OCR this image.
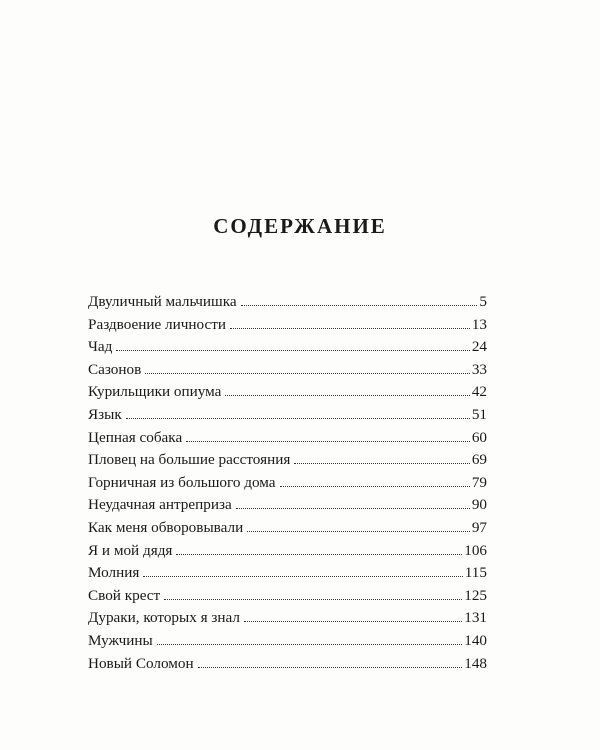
СОДЕРЖАНИЕ
Двуличный мальчишка	5
Раздвоение личности	13
Чад	24
Сазонов	33
Курильщики опиума	42
Язык	51
Цепная собака	60
Пловец на большие расстояния	69
Горничная из большого дома	79
Неудачная антреприза	90
Как меня обворовывали	97
Я и мой дядя	106
Молния	115
Свой крест	125
Дураки, которых я знал	131
Мужчины	140
Новый Соломон	148
